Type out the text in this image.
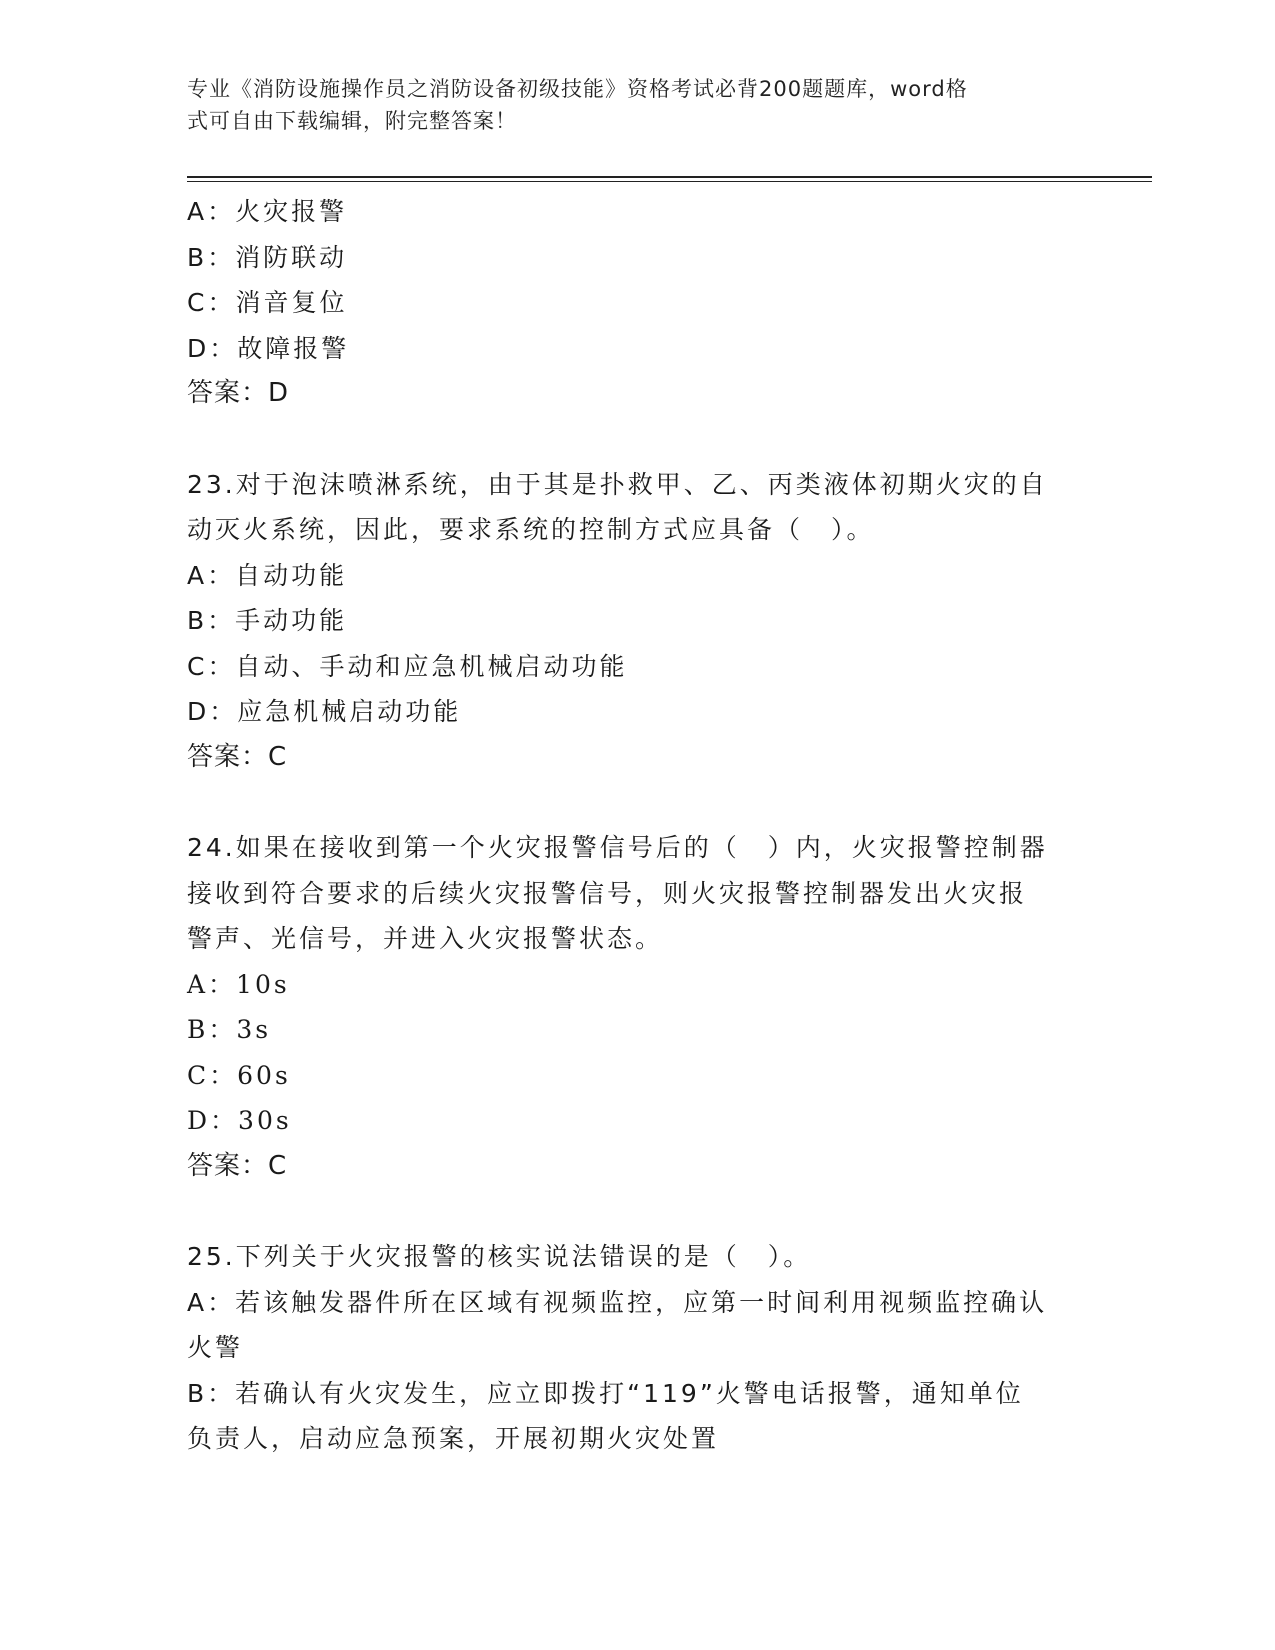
专业《消防设施操作员之消防设备初级技能》资格考试必背200题题库，word格
式可自由下载编辑，附完整答案！

A：火灾报警

B：消防联动

C：消音复位

D：故障报警

答案：D

23.对于泡沫喷淋系统，由于其是扑救甲、乙、丙类液体初期火灾的自

动灭火系统，因此，要求系统的控制方式应具备（　）。

A：自动功能

B：手动功能

C：自动、手动和应急机械启动功能

D：应急机械启动功能

答案：C

24.如果在接收到第一个火灾报警信号后的（　）内，火灾报警控制器

接收到符合要求的后续火灾报警信号，则火灾报警控制器发出火灾报

警声、光信号，并进入火灾报警状态。

A：10s

B：3s

C：60s

D：30s

答案：C

25.下列关于火灾报警的核实说法错误的是（　）。

A：若该触发器件所在区域有视频监控，应第一时间利用视频监控确认

火警

B：若确认有火灾发生，应立即拨打“119”火警电话报警，通知单位

负责人，启动应急预案，开展初期火灾处置
